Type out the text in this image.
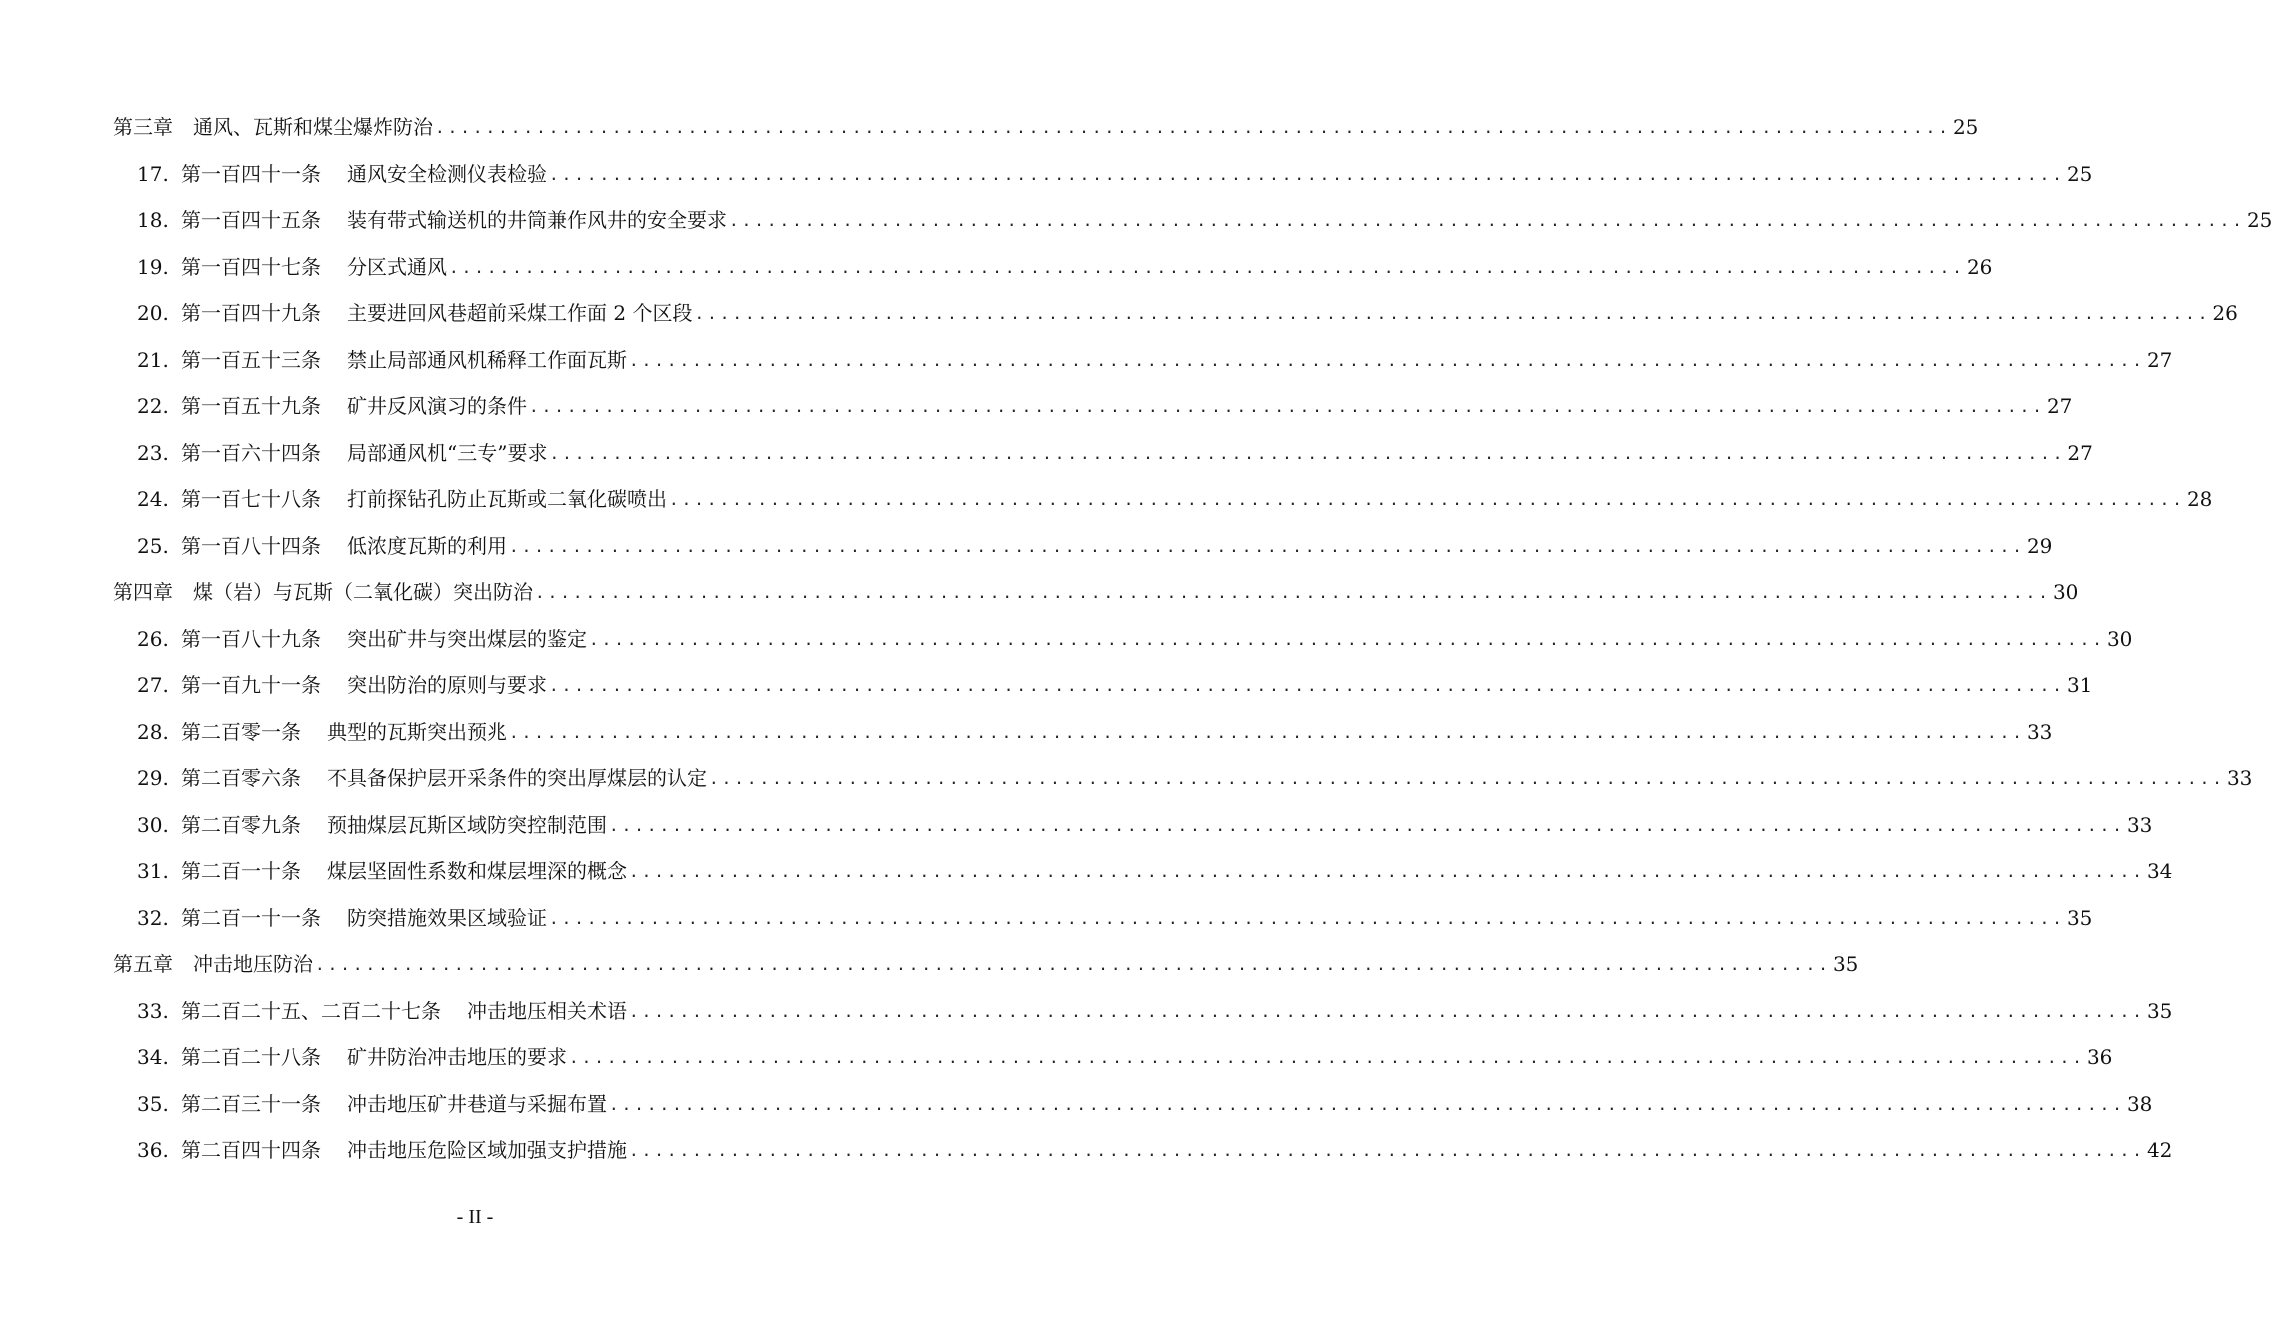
第三章　通风、瓦斯和煤尘爆炸防治 ........................................................................................................................ 25
17. 第一百四十一条 通风安全检测仪表检验 ........................................................................................................................ 25
18. 第一百四十五条 装有带式输送机的井筒兼作风井的安全要求 ........................................................................................................................ 25
19. 第一百四十七条 分区式通风 ........................................................................................................................ 26
20. 第一百四十九条 主要进回风巷超前采煤工作面 2 个区段 ........................................................................................................................ 26
21. 第一百五十三条 禁止局部通风机稀释工作面瓦斯 ........................................................................................................................ 27
22. 第一百五十九条 矿井反风演习的条件 ........................................................................................................................ 27
23. 第一百六十四条 局部通风机“三专”要求 ........................................................................................................................ 27
24. 第一百七十八条 打前探钻孔防止瓦斯或二氧化碳喷出 ........................................................................................................................ 28
25. 第一百八十四条 低浓度瓦斯的利用 ........................................................................................................................ 29
第四章　煤（岩）与瓦斯（二氧化碳）突出防治 ........................................................................................................................ 30
26. 第一百八十九条 突出矿井与突出煤层的鉴定 ........................................................................................................................ 30
27. 第一百九十一条 突出防治的原则与要求 ........................................................................................................................ 31
28. 第二百零一条 典型的瓦斯突出预兆 ........................................................................................................................ 33
29. 第二百零六条 不具备保护层开采条件的突出厚煤层的认定 ........................................................................................................................ 33
30. 第二百零九条 预抽煤层瓦斯区域防突控制范围 ........................................................................................................................ 33
31. 第二百一十条 煤层坚固性系数和煤层埋深的概念 ........................................................................................................................ 34
32. 第二百一十一条 防突措施效果区域验证 ........................................................................................................................ 35
第五章　冲击地压防治 ........................................................................................................................ 35
33. 第二百二十五、二百二十七条 冲击地压相关术语 ........................................................................................................................ 35
34. 第二百二十八条 矿井防治冲击地压的要求 ........................................................................................................................ 36
35. 第二百三十一条 冲击地压矿井巷道与采掘布置 ........................................................................................................................ 38
36. 第二百四十四条 冲击地压危险区域加强支护措施 ........................................................................................................................ 42
- II -
